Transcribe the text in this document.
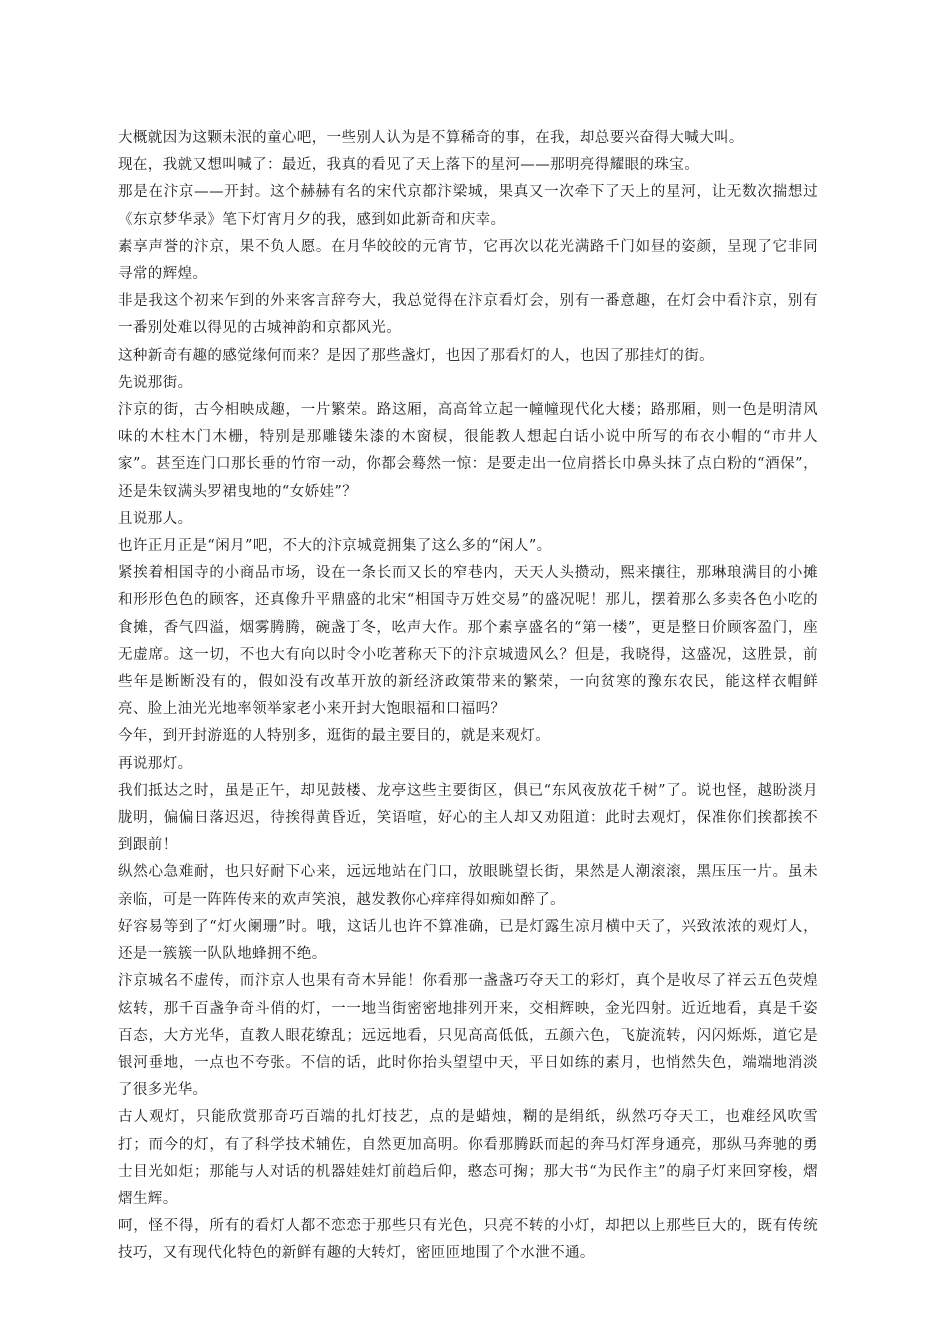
大概就因为这颗未泯的童心吧，一些别人认为是不算稀奇的事，在我，却总要兴奋得大喊大叫。

现在，我就又想叫喊了：最近，我真的看见了天上落下的星河——那明亮得耀眼的珠宝。

那是在汴京——开封。这个赫赫有名的宋代京都汴梁城，果真又一次牵下了天上的星河，让无数次揣想过《东京梦华录》笔下灯宵月夕的我，感到如此新奇和庆幸。

素享声誉的汴京，果不负人愿。在月华皎皎的元宵节，它再次以花光满路千门如昼的姿颜，呈现了它非同寻常的辉煌。

非是我这个初来乍到的外来客言辞夸大，我总觉得在汴京看灯会，别有一番意趣，在灯会中看汴京，别有一番别处难以得见的古城神韵和京都风光。

这种新奇有趣的感觉缘何而来？是因了那些盏灯，也因了那看灯的人，也因了那挂灯的街。

先说那街。

汴京的街，古今相映成趣，一片繁荣。路这厢，高高耸立起一幢幢现代化大楼；路那厢，则一色是明清风味的木柱木门木栅，特别是那雕镂朱漆的木窗棂，很能教人想起白话小说中所写的布衣小帽的“市井人家”。甚至连门口那长垂的竹帘一动，你都会蓦然一惊：是要走出一位肩搭长巾鼻头抹了点白粉的“酒保”，还是朱钗满头罗裙曳地的“女娇娃”？

且说那人。

也许正月正是“闲月”吧，不大的汴京城竟拥集了这么多的“闲人”。

紧挨着相国寺的小商品市场，设在一条长而又长的窄巷内，天天人头攒动，熙来攘往，那琳琅满目的小摊和形形色色的顾客，还真像升平鼎盛的北宋“相国寺万姓交易”的盛况呢！那儿，摆着那么多卖各色小吃的食摊，香气四溢，烟雾腾腾，碗盏丁冬，吆声大作。那个素享盛名的“第一楼”，更是整日价顾客盈门，座无虚席。这一切，不也大有向以时令小吃著称天下的汴京城遗风么？但是，我晓得，这盛况，这胜景，前些年是断断没有的，假如没有改革开放的新经济政策带来的繁荣，一向贫寒的豫东农民，能这样衣帽鲜亮、脸上油光光地率领举家老小来开封大饱眼福和口福吗？

今年，到开封游逛的人特别多，逛街的最主要目的，就是来观灯。

再说那灯。

我们抵达之时，虽是正午，却见鼓楼、龙亭这些主要街区，俱已“东风夜放花千树”了。说也怪，越盼淡月胧明，偏偏日落迟迟，待挨得黄昏近，笑语喧，好心的主人却又劝阻道：此时去观灯，保准你们挨都挨不到跟前！

纵然心急难耐，也只好耐下心来，远远地站在门口，放眼眺望长街，果然是人潮滚滚，黑压压一片。虽未亲临，可是一阵阵传来的欢声笑浪，越发教你心痒痒得如痴如醉了。

好容易等到了“灯火阑珊”时。哦，这话儿也许不算准确，已是灯露生凉月横中天了，兴致浓浓的观灯人，还是一簇簇一队队地蜂拥不绝。

汴京城名不虚传，而汴京人也果有奇木异能！你看那一盏盏巧夺天工的彩灯，真个是收尽了祥云五色荧煌炫转，那千百盏争奇斗俏的灯，一一地当街密密地排列开来，交相辉映，金光四射。近近地看，真是千姿百态，大方光华，直教人眼花缭乱；远远地看，只见高高低低，五颜六色，飞旋流转，闪闪烁烁，道它是银河垂地，一点也不夸张。不信的话，此时你抬头望望中天，平日如练的素月，也悄然失色，端端地消淡了很多光华。

古人观灯，只能欣赏那奇巧百端的扎灯技艺，点的是蜡烛，糊的是绢纸，纵然巧夺天工，也难经风吹雪打；而今的灯，有了科学技术辅佐，自然更加高明。你看那腾跃而起的奔马灯浑身通亮，那纵马奔驰的勇士目光如炬；那能与人对话的机器娃娃灯前趋后仰，憨态可掬；那大书“为民作主”的扇子灯来回穿梭，熠熠生辉。

呵，怪不得，所有的看灯人都不恋恋于那些只有光色，只亮不转的小灯，却把以上那些巨大的，既有传统技巧，又有现代化特色的新鲜有趣的大转灯，密匝匝地围了个水泄不通。
